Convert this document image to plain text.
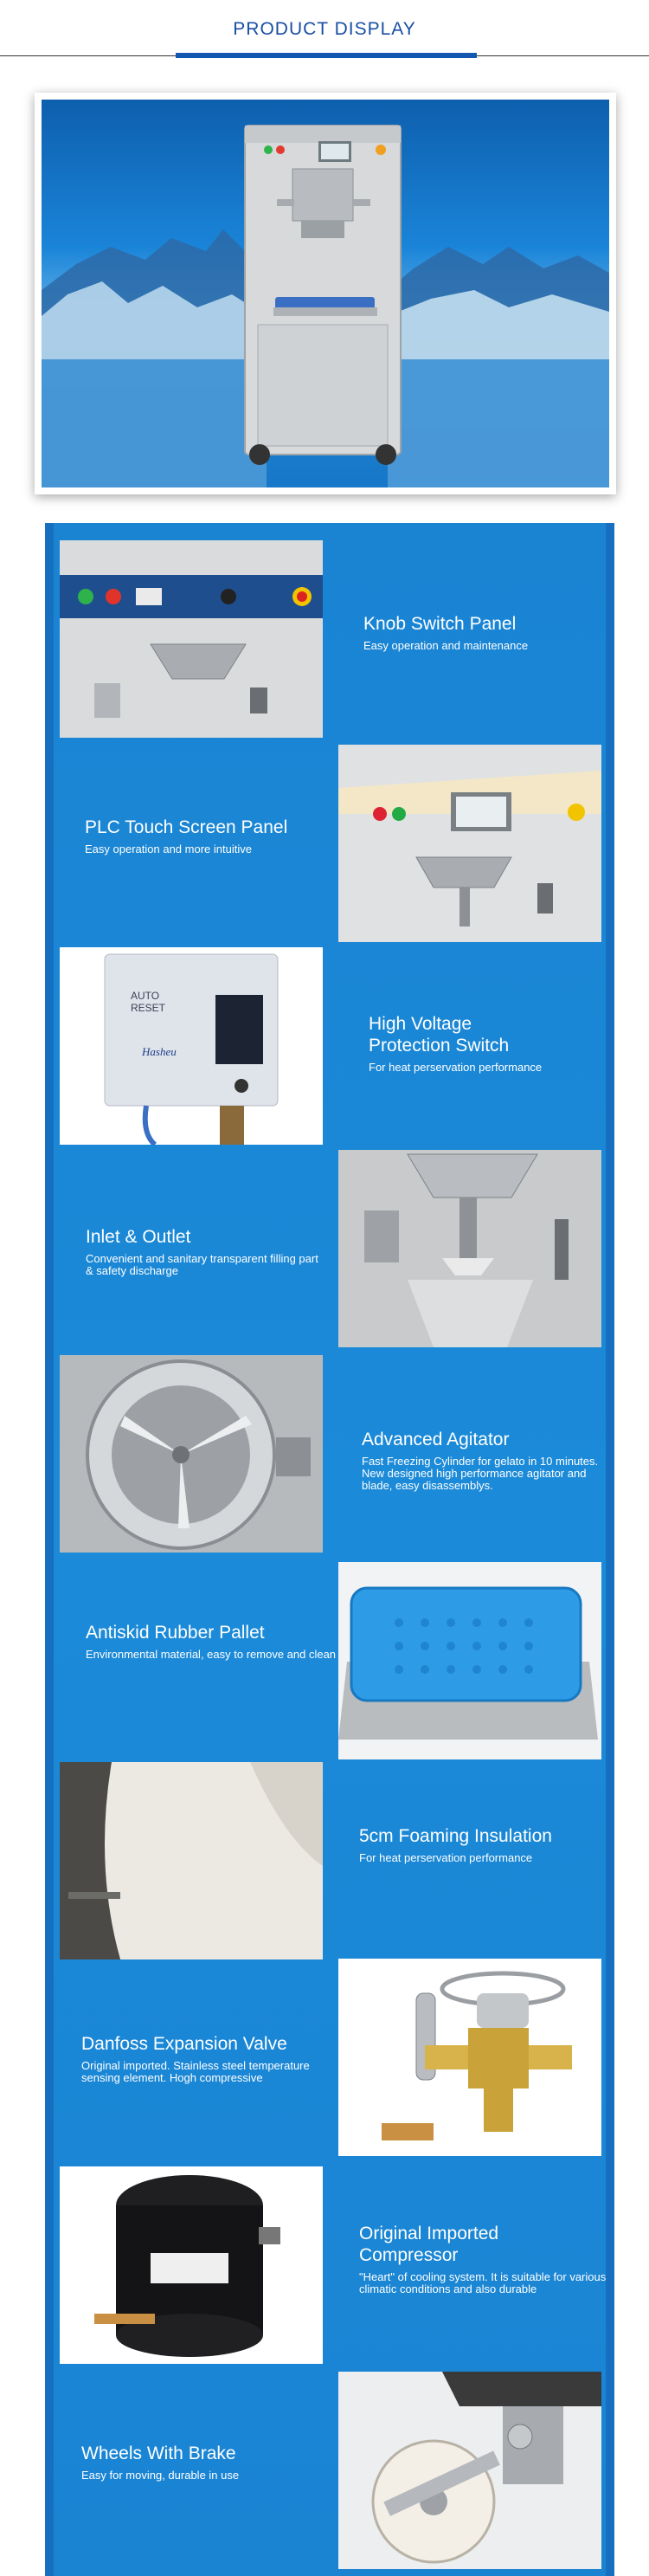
PRODUCT DISPLAY
Knob Switch Panel
Easy operation and maintenance
PLC Touch Screen Panel
Easy operation and more intuitive
AUTO
RESET
Hasheu
High Voltage
Protection Switch
For heat perservation performance
Inlet & Outlet
Convenient and sanitary transparent filling part & safety discharge
Advanced Agitator
Fast Freezing Cylinder for gelato in 10 minutes. New designed high performance agitator and blade, easy disassemblys.
Antiskid Rubber Pallet
Environmental material, easy to remove and clean
5cm Foaming Insulation
For heat perservation performance
Danfoss Expansion Valve
Original imported. Stainless steel temperature sensing element. Hogh compressive
Original Imported
Compressor
"Heart" of cooling system. It is suitable for various climatic conditions and also durable
Wheels With Brake
Easy for moving, durable in use
